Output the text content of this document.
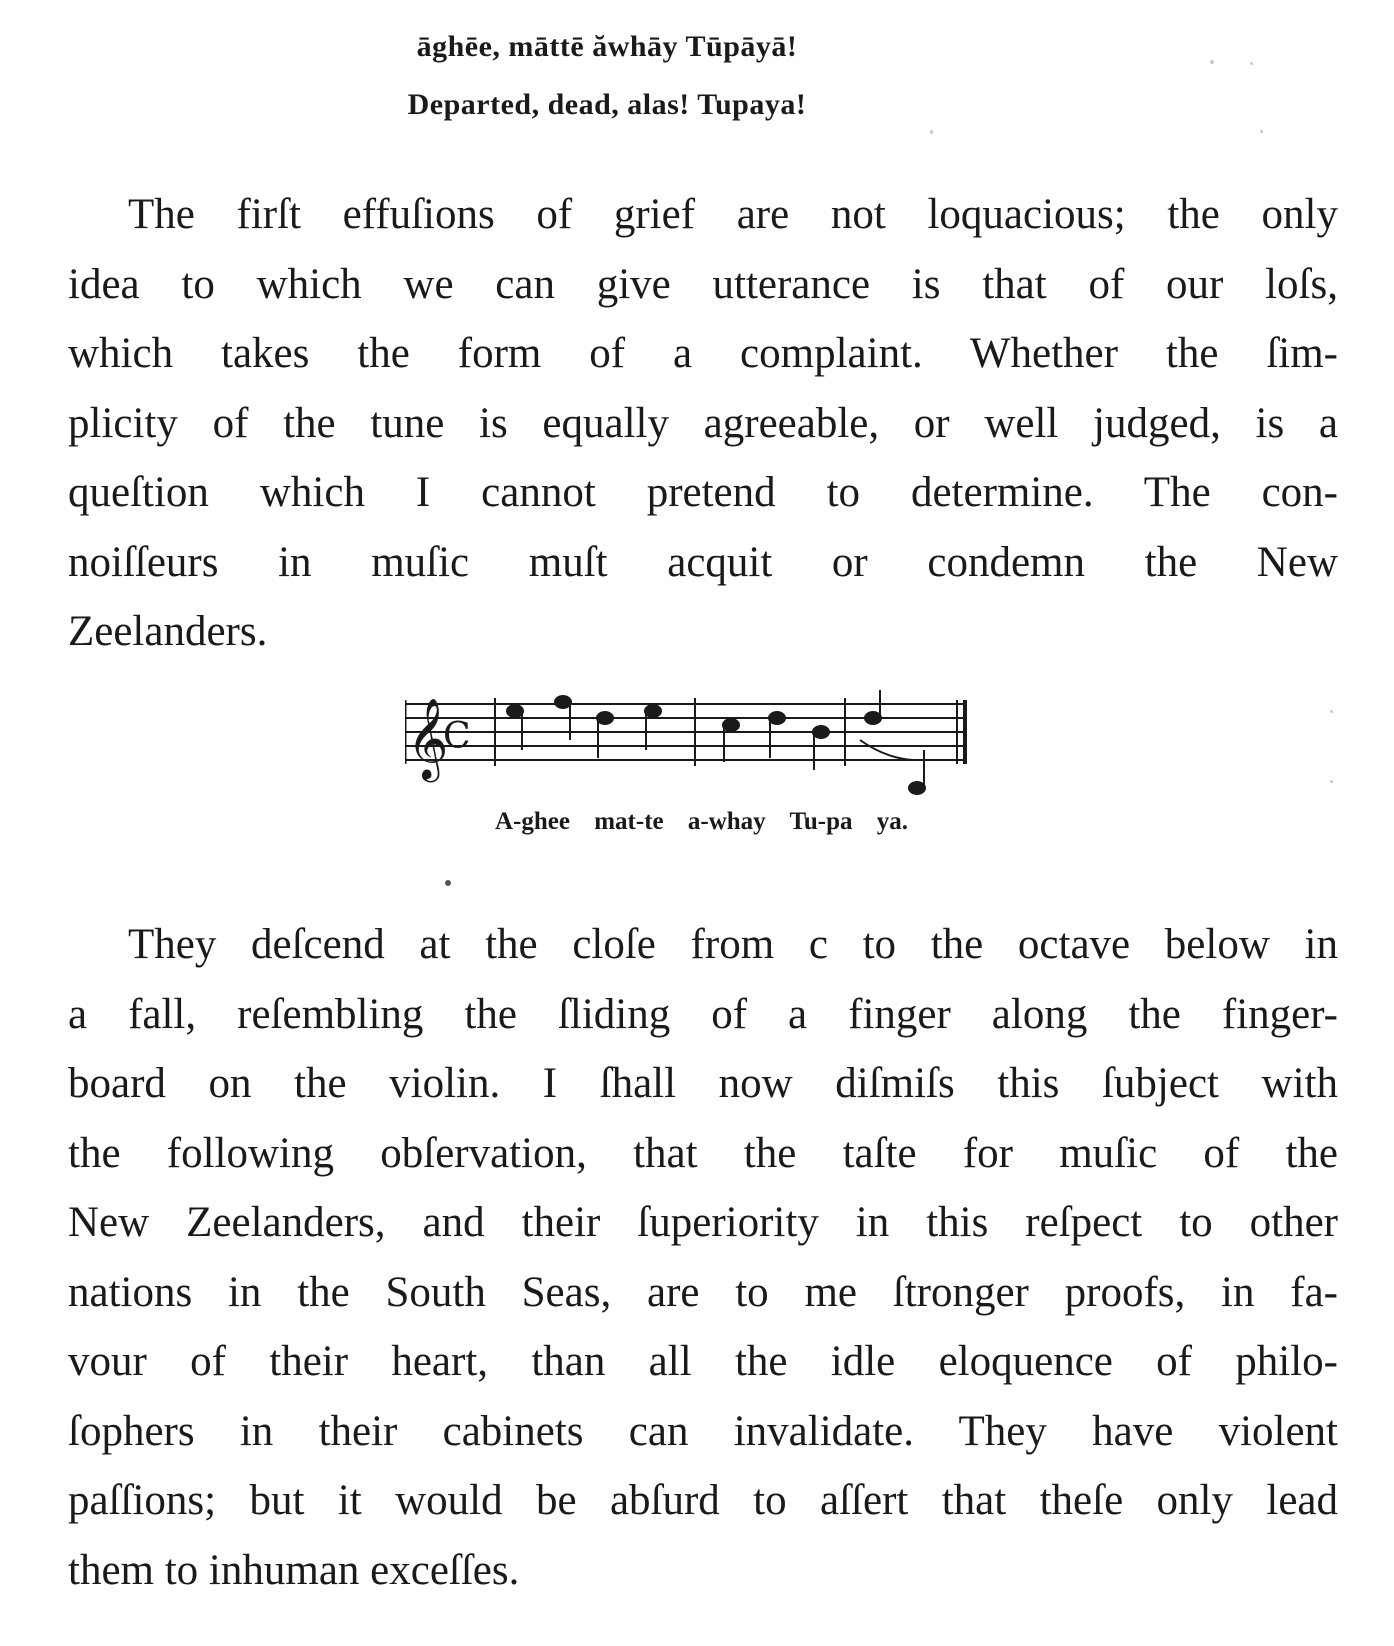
āghēe, māttē ăwhāy Tūpāyā!
Departed, dead, alas! Tupaya!
The firſt effuſions of grief are not loquacious; the only
idea to which we can give utterance is that of our loſs,
which takes the form of a complaint. Whether the ſim-
plicity of the tune is equally agreeable, or well judged, is a
queſtion which I cannot pretend to determine. The con-
noiſſeurs in muſic muſt acquit or condemn the New
Zeelanders.
𝄞
C
A-ghee mat-te a-whay Tu-pa ya.
They deſcend at the cloſe from c to the octave below in
a fall, reſembling the ſliding of a finger along the finger-
board on the violin. I ſhall now diſmiſs this ſubject with
the following obſervation, that the taſte for muſic of the
New Zeelanders, and their ſuperiority in this reſpect to other
nations in the South Seas, are to me ſtronger proofs, in fa-
vour of their heart, than all the idle eloquence of philo-
ſophers in their cabinets can invalidate. They have violent
paſſions; but it would be abſurd to aſſert that theſe only lead
them to inhuman exceſſes.
